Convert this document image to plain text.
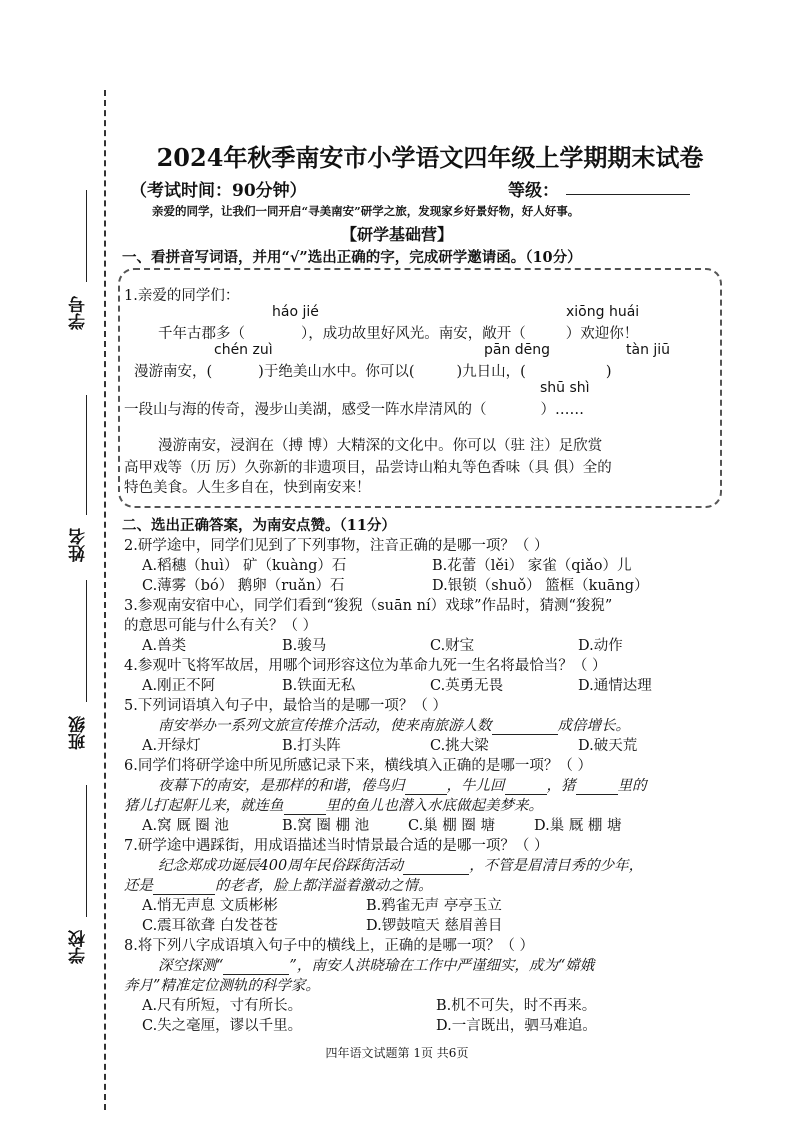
学号
姓名
班级
学校
2024年秋季南安市小学语文四年级上学期期末试卷
（考试时间：90分钟）	等级：
亲爱的同学，让我们一同开启“寻美南安”研学之旅，发现家乡好景好物，好人好事。
【研学基础营】
一、看拼音写词语，并用“√”选出正确的字，完成研学邀请函。（10分）
1.亲爱的同学们：
háo jié	xiōng huái
千年古郡多（	），成功故里好风光。南安，敞开（	）欢迎你！
chén zuì	pān dēng	tàn jiū
漫游南安，(	)于绝美山水中。你可以(	)九日山，(	)
shū shì
一段山与海的传奇，漫步山美湖，感受一阵水岸清风的（	）……
漫游南安，浸润在（搏 博）大精深的文化中。你可以（驻 注）足欣赏
高甲戏等（历 厉）久弥新的非遗项目，品尝诗山粕丸等色香味（具 俱）全的
特色美食。人生多自在，快到南安来！
二、选出正确答案，为南安点赞。（11分）
2.研学途中，同学们见到了下列事物，注音正确的是哪一项？（ ）
A.稻穗（huì） 矿（kuàng）石	B.花蕾（lěi） 家雀（qiǎo）儿
C.薄雾（bó） 鹅卵（ruǎn）石	D.银锁（shuǒ） 篮框（kuāng）
3.参观南安宿中心，同学们看到“狻猊（suān ní）戏球”作品时，猜测“狻猊”
的意思可能与什么有关？（ ）
A.兽类	B.骏马	C.财宝	D.动作
4.参观叶飞将军故居，用哪个词形容这位为革命九死一生名将最恰当？（ ）
A.刚正不阿	B.铁面无私	C.英勇无畏	D.通情达理
5.下列词语填入句子中，最恰当的是哪一项？（ ）
南安举办一系列文旅宣传推介活动，使来南旅游人数	成倍增长。
A.开绿灯	B.打头阵	C.挑大梁	D.破天荒
6.同学们将研学途中所见所感记录下来，横线填入正确的是哪一项？（ ）
夜幕下的南安，是那样的和谐，倦鸟归	，牛儿回	，猪	里的
猪儿打起鼾儿来，就连鱼	里的鱼儿也潜入水底做起美梦来。
A.窝 厩 圈 池	B.窝 圈 棚 池	C.巢 棚 圈 塘	D.巢 厩 棚 塘
7.研学途中遇踩街，用成语描述当时情景最合适的是哪一项？（ ）
纪念郑成功诞辰400周年民俗踩街活动	，不管是眉清目秀的少年，
还是	的老者，脸上都洋溢着激动之情。
A.悄无声息 文质彬彬	B.鸦雀无声 亭亭玉立
C.震耳欲聋 白发苍苍	D.锣鼓喧天 慈眉善目
8.将下列八字成语填入句子中的横线上，正确的是哪一项？（ ）
深空探测“	”，南安人洪晓瑜在工作中严谨细实，成为“嫦娥
奔月”精准定位测轨的科学家。
A.尺有所短，寸有所长。	B.机不可失，时不再来。
C.失之毫厘，谬以千里。	D.一言既出，驷马难追。
四年语文试题第 1页 共6页
